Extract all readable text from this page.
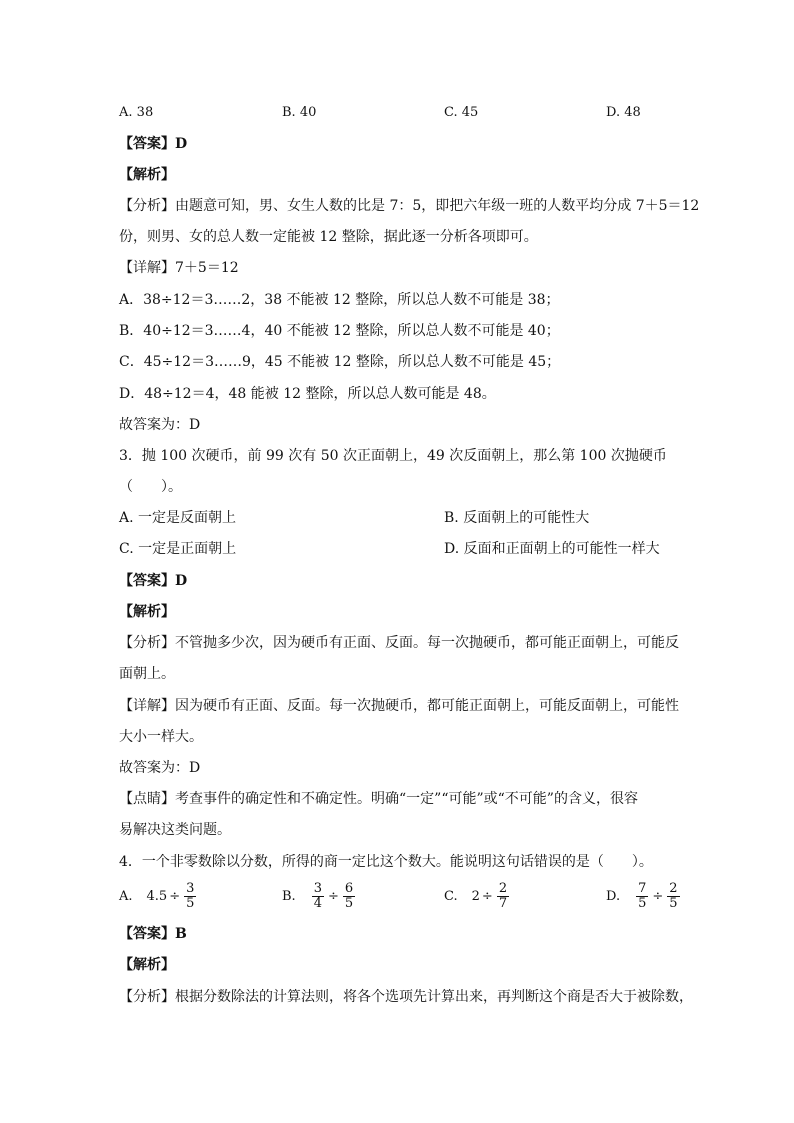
A. 38	B. 40	C. 45	D. 48
【答案】D
【解析】
【分析】由题意可知，男、女生人数的比是 7：5，即把六年级一班的人数平均分成 7＋5＝12
份，则男、女的总人数一定能被 12 整除，据此逐一分析各项即可。
【详解】7＋5＝12
A．38÷12＝3……2，38 不能被 12 整除，所以总人数不可能是 38；
B．40÷12＝3……4，40 不能被 12 整除，所以总人数不可能是 40；
C．45÷12＝3……9，45 不能被 12 整除，所以总人数不可能是 45；
D．48÷12＝4，48 能被 12 整除，所以总人数可能是 48。
故答案为：D
3．抛 100 次硬币，前 99 次有 50 次正面朝上，49 次反面朝上，那么第 100 次抛硬币
（　　）。
A. 一定是反面朝上	B. 反面朝上的可能性大
C. 一定是正面朝上	D. 反面和正面朝上的可能性一样大
【答案】D
【解析】
【分析】不管抛多少次，因为硬币有正面、反面。每一次抛硬币，都可能正面朝上，可能反
面朝上。
【详解】因为硬币有正面、反面。每一次抛硬币，都可能正面朝上，可能反面朝上，可能性
大小一样大。
故答案为：D
【点睛】考查事件的确定性和不确定性。明确“一定”“可能”或“不可能”的含义，很容
易解决这类问题。
4．一个非零数除以分数，所得的商一定比这个数大。能说明这句话错误的是（　　）。
A. $4.5 \div \frac{3}{5}$	B. $\frac{3}{4} \div \frac{6}{5}$	C. $2 \div \frac{2}{7}$	D. $\frac{7}{5} \div \frac{2}{5}$
【答案】B
【解析】
【分析】根据分数除法的计算法则，将各个选项先计算出来，再判断这个商是否大于被除数，
